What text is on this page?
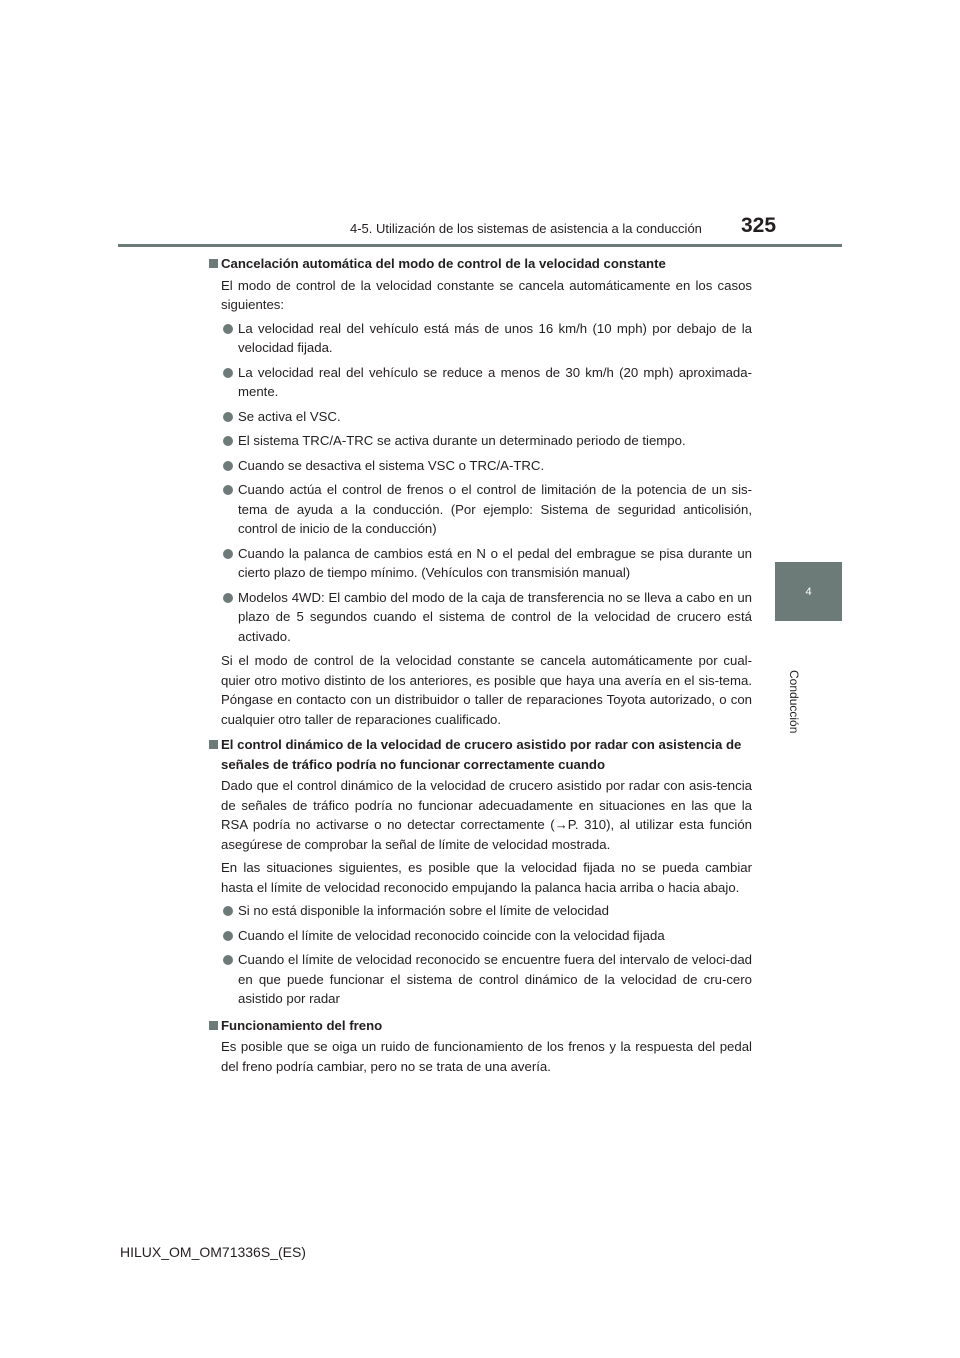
4-5. Utilización de los sistemas de asistencia a la conducción 325
4
Conducción
Cancelación automática del modo de control de la velocidad constante
El modo de control de la velocidad constante se cancela automáticamente en los casos siguientes:
La velocidad real del vehículo está más de unos 16 km/h (10 mph) por debajo de la velocidad fijada.
La velocidad real del vehículo se reduce a menos de 30 km/h (20 mph) aproximada-mente.
Se activa el VSC.
El sistema TRC/A-TRC se activa durante un determinado periodo de tiempo.
Cuando se desactiva el sistema VSC o TRC/A-TRC.
Cuando actúa el control de frenos o el control de limitación de la potencia de un sis-tema de ayuda a la conducción. (Por ejemplo: Sistema de seguridad anticolisión, control de inicio de la conducción)
Cuando la palanca de cambios está en N o el pedal del embrague se pisa durante un cierto plazo de tiempo mínimo. (Vehículos con transmisión manual)
Modelos 4WD: El cambio del modo de la caja de transferencia no se lleva a cabo en un plazo de 5 segundos cuando el sistema de control de la velocidad de crucero está activado.
Si el modo de control de la velocidad constante se cancela automáticamente por cual-quier otro motivo distinto de los anteriores, es posible que haya una avería en el sis-tema. Póngase en contacto con un distribuidor o taller de reparaciones Toyota autorizado, o con cualquier otro taller de reparaciones cualificado.
El control dinámico de la velocidad de crucero asistido por radar con asistencia de señales de tráfico podría no funcionar correctamente cuando
Dado que el control dinámico de la velocidad de crucero asistido por radar con asis-tencia de señales de tráfico podría no funcionar adecuadamente en situaciones en las que la RSA podría no activarse o no detectar correctamente (→P. 310), al utilizar esta función asegúrese de comprobar la señal de límite de velocidad mostrada.
En las situaciones siguientes, es posible que la velocidad fijada no se pueda cambiar hasta el límite de velocidad reconocido empujando la palanca hacia arriba o hacia abajo.
Si no está disponible la información sobre el límite de velocidad
Cuando el límite de velocidad reconocido coincide con la velocidad fijada
Cuando el límite de velocidad reconocido se encuentre fuera del intervalo de veloci-dad en que puede funcionar el sistema de control dinámico de la velocidad de cru-cero asistido por radar
Funcionamiento del freno
Es posible que se oiga un ruido de funcionamiento de los frenos y la respuesta del pedal del freno podría cambiar, pero no se trata de una avería.
HILUX_OM_OM71336S_(ES)
